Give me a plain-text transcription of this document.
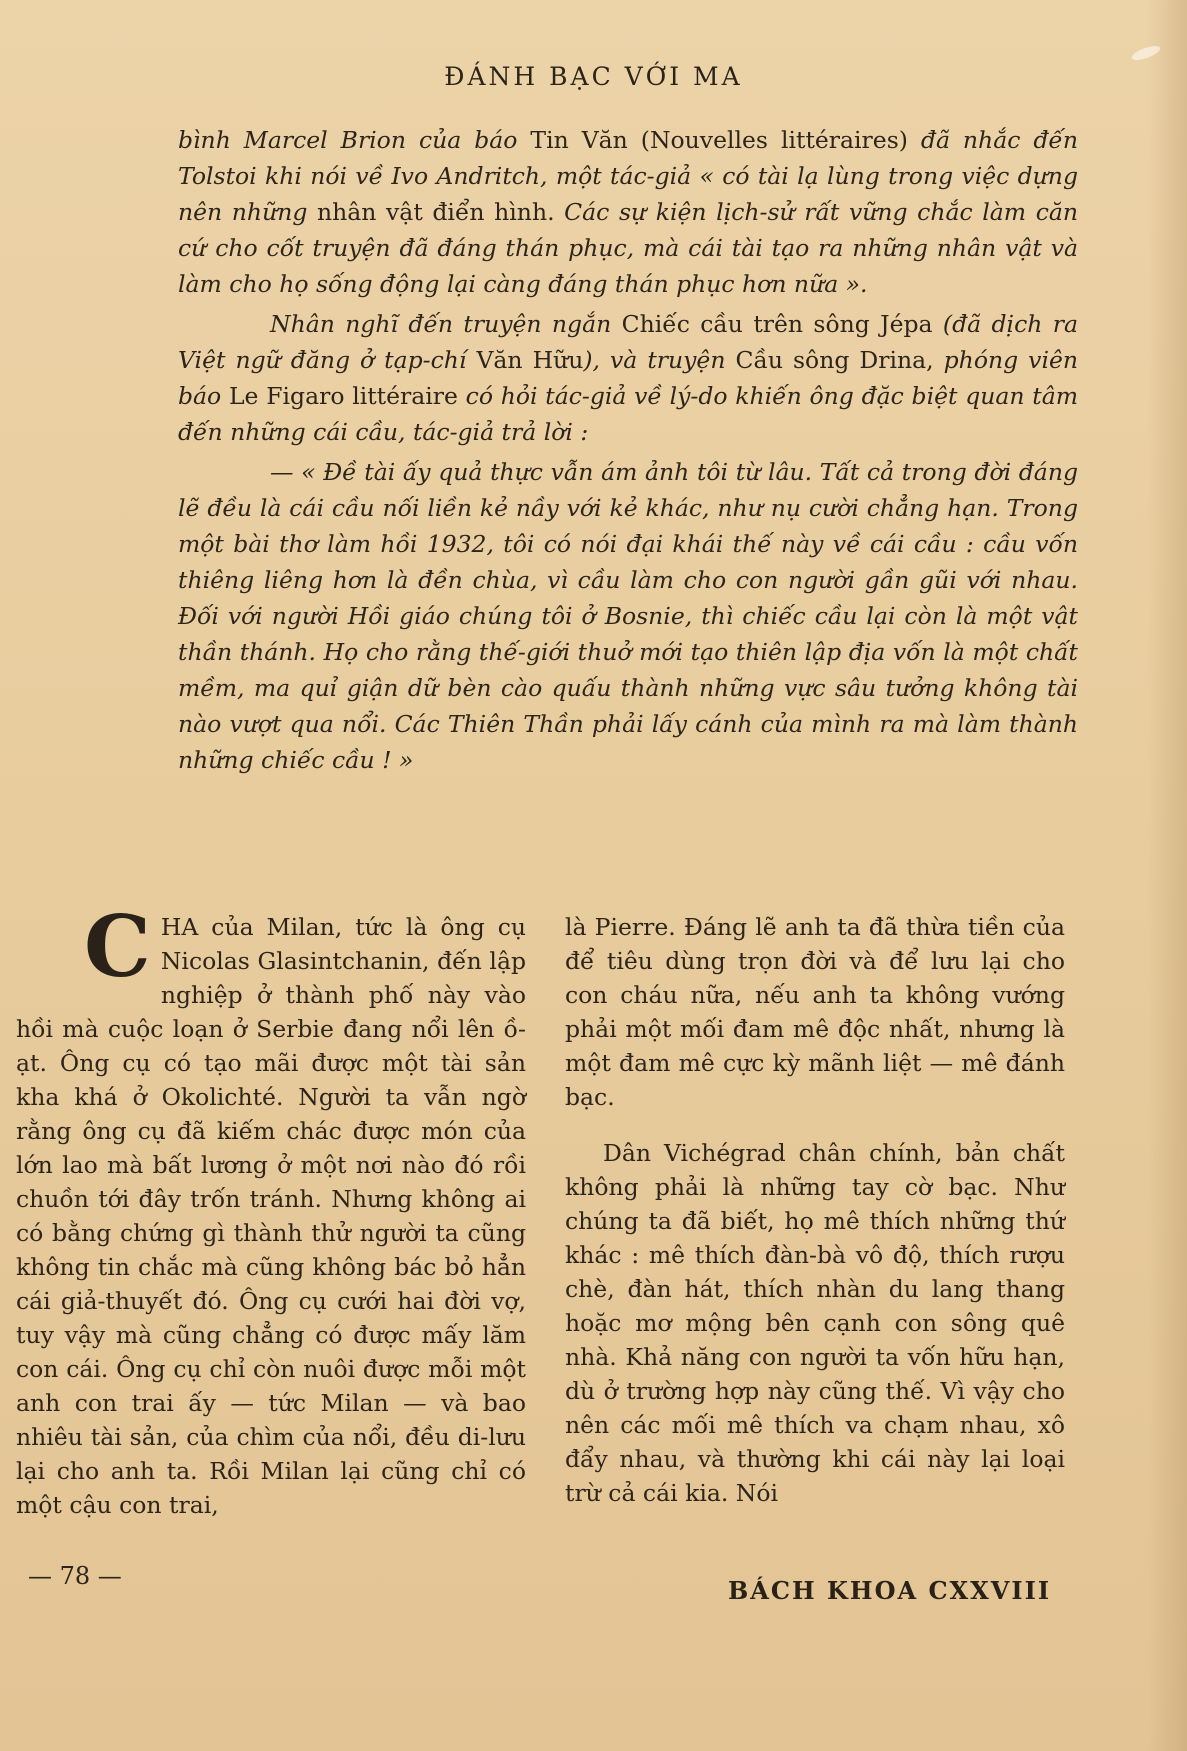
ĐÁNH BẠC VỚI MA

bình Marcel Brion của báo Tin Văn (Nouvelles littéraires) đã nhắc đến Tolstoi khi nói về Ivo Andritch, một tác-giả « có tài lạ lùng trong việc dựng nên những nhân vật điển hình. Các sự kiện lịch-sử rất vững chắc làm căn cứ cho cốt truyện đã đáng thán phục, mà cái tài tạo ra những nhân vật và làm cho họ sống động lại càng đáng thán phục hơn nữa ».

Nhân nghĩ đến truyện ngắn Chiếc cầu trên sông Jépa (đã dịch ra Việt ngữ đăng ở tạp-chí Văn Hữu), và truyện Cầu sông Drina, phóng viên báo Le Figaro littéraire có hỏi tác-giả về lý-do khiến ông đặc biệt quan tâm đến những cái cầu, tác-giả trả lời :

— « Đề tài ấy quả thực vẫn ám ảnh tôi từ lâu. Tất cả trong đời đáng lẽ đều là cái cầu nối liền kẻ nầy với kẻ khác, như nụ cười chẳng hạn. Trong một bài thơ làm hồi 1932, tôi có nói đại khái thế này về cái cầu : cầu vốn thiêng liêng hơn là đền chùa, vì cầu làm cho con người gần gũi với nhau. Đối với người Hồi giáo chúng tôi ở Bosnie, thì chiếc cầu lại còn là một vật thần thánh. Họ cho rằng thế-giới thuở mới tạo thiên lập địa vốn là một chất mềm, ma quỉ giận dữ bèn cào quấu thành những vực sâu tưởng không tài nào vượt qua nổi. Các Thiên Thần phải lấy cánh của mình ra mà làm thành những chiếc cầu ! »

CHA của Milan, tức là ông cụ Nicolas Glasintchanin, đến lập nghiệp ở thành phố này vào hồi mà cuộc loạn ở Serbie đang nổi lên ồ-ạt. Ông cụ có tạo mãi được một tài sản kha khá ở Okolichté. Người ta vẫn ngờ rằng ông cụ đã kiếm chác được món của lớn lao mà bất lương ở một nơi nào đó rồi chuồn tới đây trốn tránh. Nhưng không ai có bằng chứng gì thành thử người ta cũng không tin chắc mà cũng không bác bỏ hẳn cái giả-thuyết đó. Ông cụ cưới hai đời vợ, tuy vậy mà cũng chẳng có được mấy lăm con cái. Ông cụ chỉ còn nuôi được mỗi một anh con trai ấy — tức Milan — và bao nhiêu tài sản, của chìm của nổi, đều di-lưu lại cho anh ta. Rồi Milan lại cũng chỉ có một cậu con trai,

là Pierre. Đáng lẽ anh ta đã thừa tiền của để tiêu dùng trọn đời và để lưu lại cho con cháu nữa, nếu anh ta không vướng phải một mối đam mê độc nhất, nhưng là một đam mê cực kỳ mãnh liệt — mê đánh bạc.

Dân Vichégrad chân chính, bản chất không phải là những tay cờ bạc. Như chúng ta đã biết, họ mê thích những thứ khác : mê thích đàn-bà vô độ, thích rượu chè, đàn hát, thích nhàn du lang thang hoặc mơ mộng bên cạnh con sông quê nhà. Khả năng con người ta vốn hữu hạn, dù ở trường hợp này cũng thế. Vì vậy cho nên các mối mê thích va chạm nhau, xô đẩy nhau, và thường khi cái này lại loại trừ cả cái kia. Nói

— 78 —	BÁCH KHOA CXXVIII
